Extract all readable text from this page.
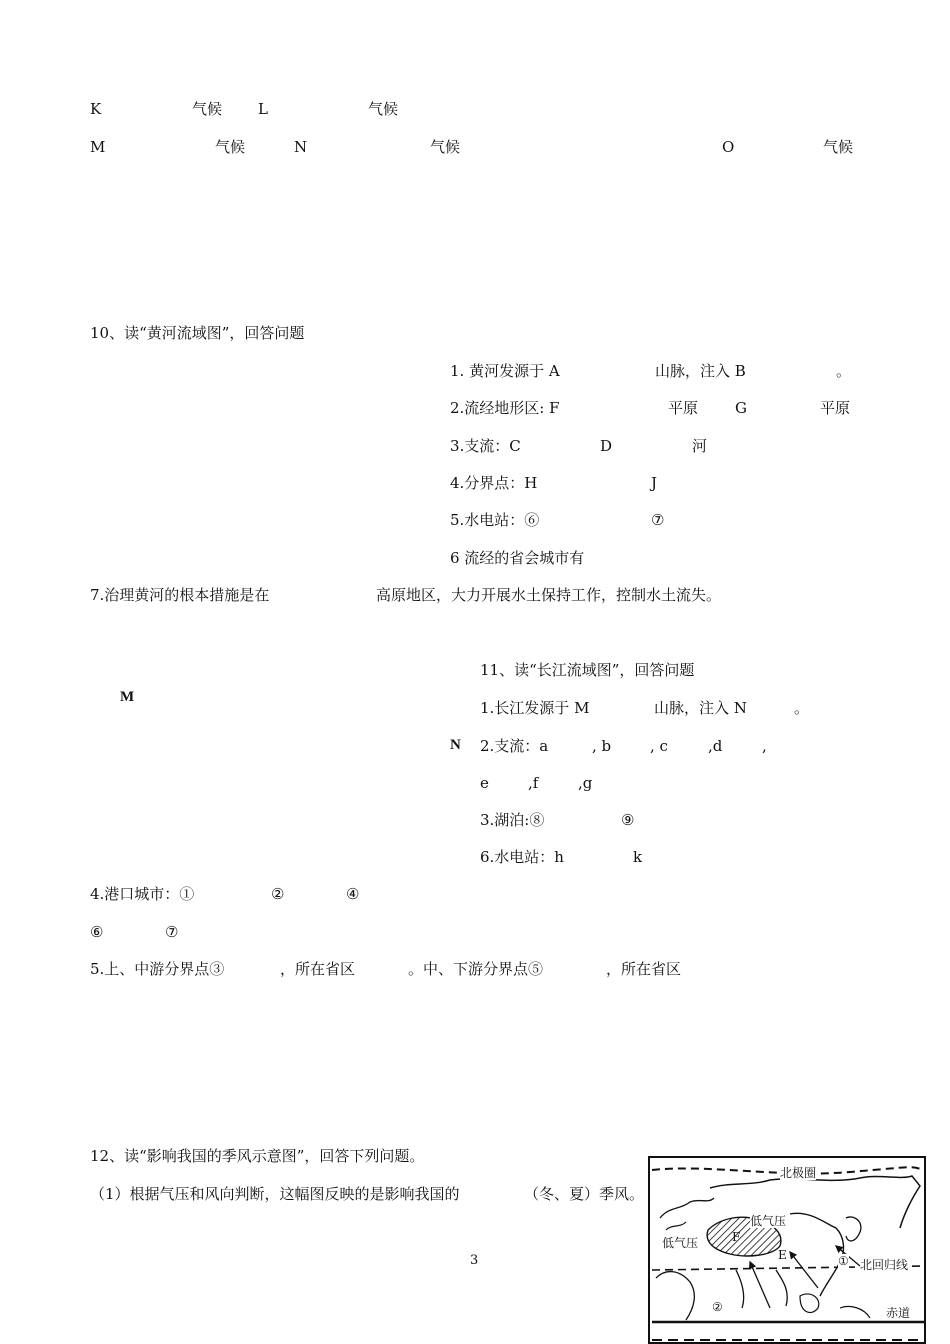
K	气候 L	气候
M	气候	N	气候	O	气候
10、读“黄河流域图”，回答问题
1. 黄河发源于 A	山脉，注入 B	。
2.流经地形区: F	平原 G	平原
3.支流：C	D	河
4.分界点：H	J
5.水电站：⑥	⑦
6 流经的省会城市有
7.治理黄河的根本措施是在	高原地区，大力开展水土保持工作，控制水土流失。
M
N
11、读“长江流域图”，回答问题
1.长江发源于 M	山脉，注入 N	。
2.支流：a	, b	, c	,d	,
e	,f	,g
3.湖泊:⑧	⑨
6.水电站：h	k
4.港口城市：①	②	④
⑥	⑦
5.上、中游分界点③	，所在省区	。中、下游分界点⑤	，所在省区
12、读“影响我国的季风示意图”，回答下列问题。
（1）根据气压和风向判断，这幅图反映的是影响我国的	（冬、夏）季风。
北极圈
低气压
低气压	F
E	① 北回归线
②	赤道
3
